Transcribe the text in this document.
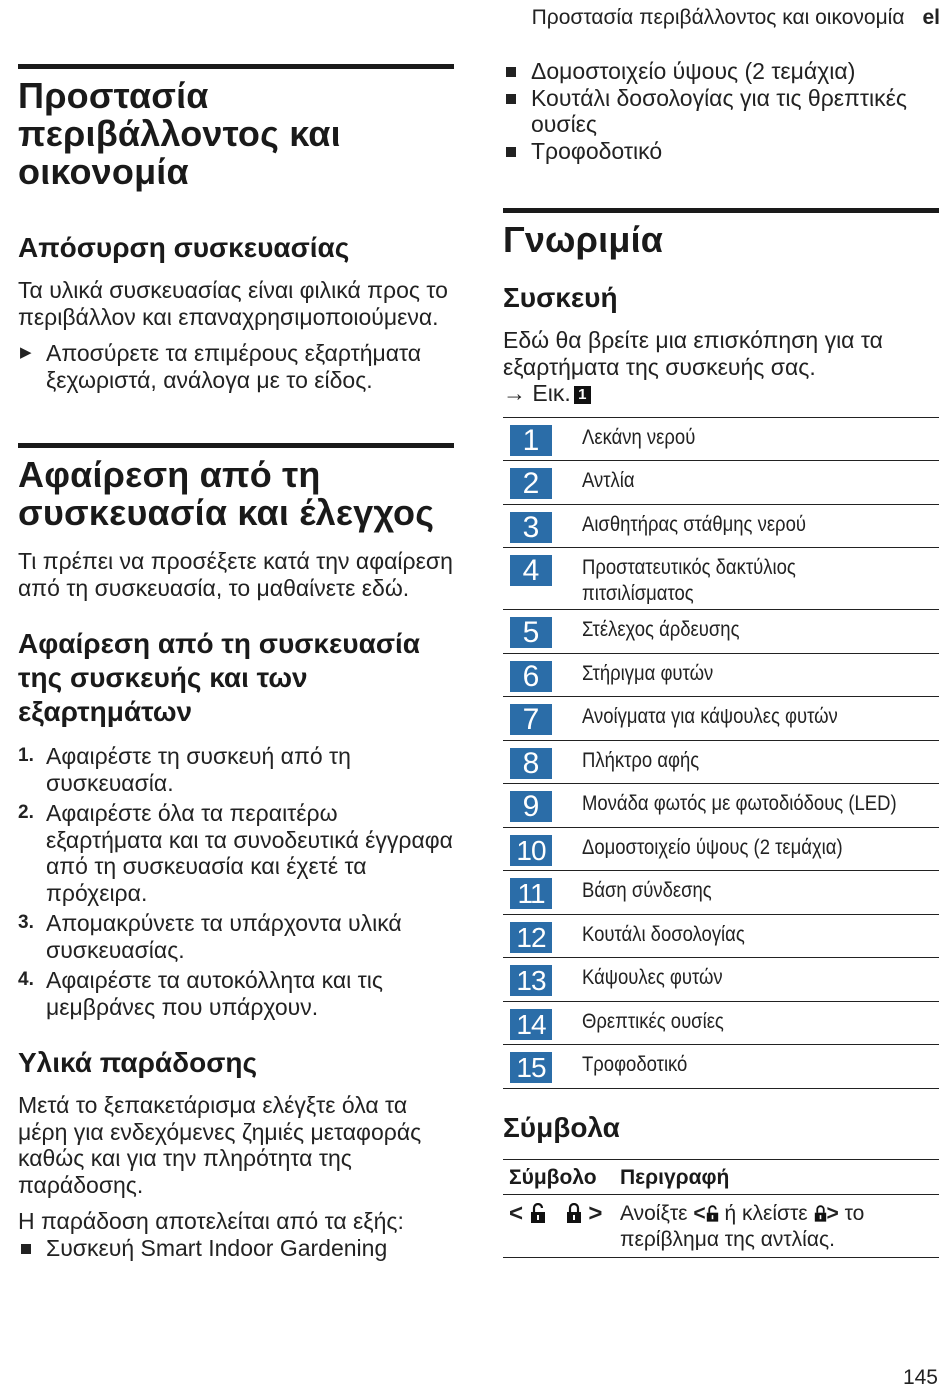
Προστασία περιβάλλοντος και οικονομία el
Προστασία περιβάλλοντος και οικονομία
Απόσυρση συσκευασίας

Τα υλικά συσκευασίας είναι φιλικά προς το περιβάλλον και επαναχρησιμοποιούμενα.

▶ Αποσύρετε τα επιμέρους εξαρτήματα ξεχωριστά, ανάλογα με το είδος.
Αφαίρεση από τη συσκευασία και έλεγχος

Τι πρέπει να προσέξετε κατά την αφαίρεση από τη συσκευασία, το μαθαίνετε εδώ.

Αφαίρεση από τη συσκευασία της συσκευής και των εξαρτημάτων
1. Αφαιρέστε τη συσκευή από τη συσκευασία.
2. Αφαιρέστε όλα τα περαιτέρω εξαρτήματα και τα συνοδευτικά έγγραφα από τη συσκευασία και έχετέ τα πρόχειρα.
3. Απομακρύνετε τα υπάρχοντα υλικά συσκευασίας.
4. Αφαιρέστε τα αυτοκόλλητα και τις μεμβράνες που υπάρχουν.
Υλικά παράδοσης

Μετά το ξεπακετάρισμα ελέγξτε όλα τα μέρη για ενδεχόμενες ζημιές μεταφοράς καθώς και για την πληρότητα της παράδοσης.

Η παράδοση αποτελείται από τα εξής:

Συσκευή Smart Indoor Gardening
Δομοστοιχείο ύψους (2 τεμάχια)
Κουτάλι δοσολογίας για τις θρεπτικές ουσίες
Τροφοδοτικό
Γνωριμία
Συσκευή

Εδώ θα βρείτε μια επισκόπηση για τα εξαρτήματα της συσκευής σας.

→ Εικ. 1

1	Λεκάνη νερού
2	Αντλία
3	Αισθητήρας στάθμης νερού
4	Προστατευτικός δακτύλιος πιτσιλίσματος
5	Στέλεχος άρδευσης
6	Στήριγμα φυτών
7	Ανοίγματα για κάψουλες φυτών
8	Πλήκτρο αφής
9	Μονάδα φωτός με φωτοδιόδους (LED)
10	Δομοστοιχείο ύψους (2 τεμάχια)
11	Βάση σύνδεσης
12	Κουτάλι δοσολογίας
13	Κάψουλες φυτών
14	Θρεπτικές ουσίες
15	Τροφοδοτικό
Σύμβολα
Σύμβολο	Περιγραφή
< >	Ανοίξτε < ή κλείστε > το περίβλημα της αντλίας.
145
